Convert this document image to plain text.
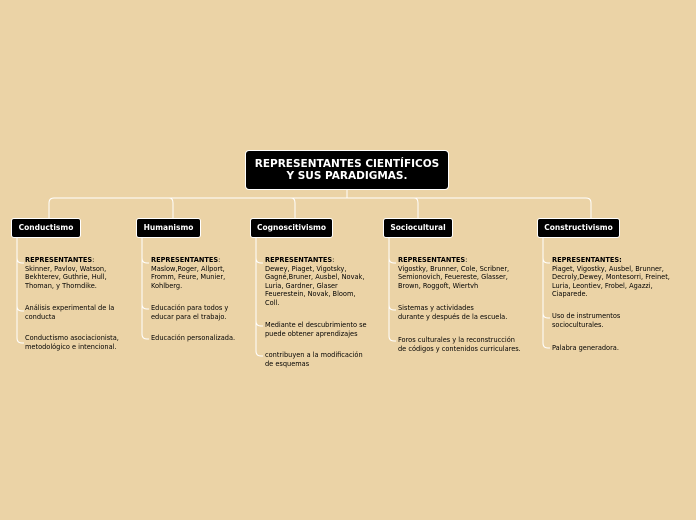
REPRESENTANTES CIENTÍFICOS
Y SUS PARADIGMAS.
Conductismo
REPRESENTANTES:
Skinner, Pavlov, Watson,
Bekhterev, Guthrie, Hull,
Thoman, y Thorndike.
Análisis experimental de la
conducta
Conductismo asociacionista,
metodológico e intencional.
Humanismo
REPRESENTANTES:
Maslow,Roger, Allport,
Fromm, Feure, Munier,
Kohlberg.
Educación para todos y
educar para el trabajo.
Educación personalizada.
Cognoscitivismo
REPRESENTANTES:
Dewey, Piaget, Vigotsky,
Gagné,Bruner, Ausbel, Novak,
Luria, Gardner, Glaser
Feuerestein, Novak, Bloom,
Coll.
Mediante el descubrimiento se
puede obtener aprendizajes
contribuyen a la modificación
de esquemas
Sociocultural
REPRESENTANTES:
Vigostky, Brunner, Cole, Scribner,
Semionovich, Feuereste, Glasser,
Brown, Roggoft, Wiertvh
Sistemas y actividades
durante y después de la escuela.
Foros culturales y la reconstrucción
de códigos y contenidos curriculares.
Constructivismo
REPRESENTANTES:
Piaget, Vigostky, Ausbel, Brunner,
Decroly,Dewey, Montesorri, Freinet,
Luria, Leontiev, Frobel, Agazzi,
Ciaparede.
Uso de instrumentos
socioculturales.
Palabra generadora.
